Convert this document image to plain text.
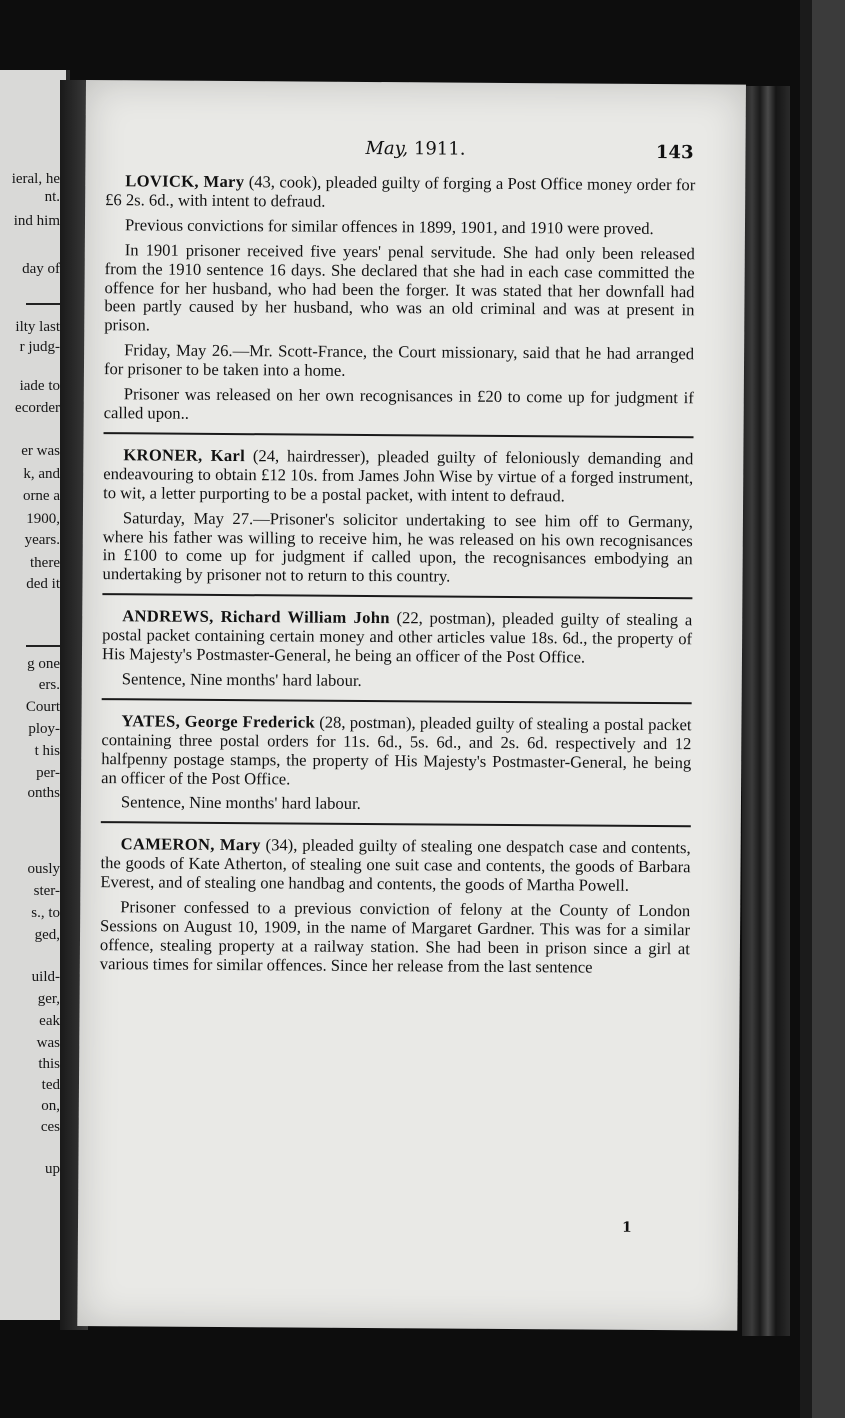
ieral, he
nt.
ind him
day of
ilty last
r judg-
iade to
ecorder
er was
k, and
orne a
1900,
years.
there
ded it
g one
ers.
Court
ploy-
t his
per-
onths
ously
ster-
s., to
ged,
uild-
ger,
eak
was
this
ted
on,
ces
up
May, 1911.	143

LOVICK, Mary (43, cook), pleaded guilty of forging a Post Office money order for £6 2s. 6d., with intent to defraud.

Previous convictions for similar offences in 1899, 1901, and 1910 were proved.

In 1901 prisoner received five years' penal servitude. She had only been released from the 1910 sentence 16 days. She declared that she had in each case committed the offence for her husband, who had been the forger. It was stated that her downfall had been partly caused by her husband, who was an old criminal and was at present in prison.

Friday, May 26.—Mr. Scott-France, the Court missionary, said that he had arranged for prisoner to be taken into a home.

Prisoner was released on her own recognisances in £20 to come up for judgment if called upon..

KRONER, Karl (24, hairdresser), pleaded guilty of feloniously demanding and endeavouring to obtain £12 10s. from James John Wise by virtue of a forged instrument, to wit, a letter purporting to be a postal packet, with intent to defraud.

Saturday, May 27.—Prisoner's solicitor undertaking to see him off to Germany, where his father was willing to receive him, he was released on his own recognisances in £100 to come up for judgment if called upon, the recognisances embodying an undertaking by prisoner not to return to this country.

ANDREWS, Richard William John (22, postman), pleaded guilty of stealing a postal packet containing certain money and other articles value 18s. 6d., the property of His Majesty's Postmaster-General, he being an officer of the Post Office.

Sentence, Nine months' hard labour.

YATES, George Frederick (28, postman), pleaded guilty of stealing a postal packet containing three postal orders for 11s. 6d., 5s. 6d., and 2s. 6d. respectively and 12 halfpenny postage stamps, the property of His Majesty's Postmaster-General, he being an officer of the Post Office.

Sentence, Nine months' hard labour.

CAMERON, Mary (34), pleaded guilty of stealing one despatch case and contents, the goods of Kate Atherton, of stealing one suit case and contents, the goods of Barbara Everest, and of stealing one handbag and contents, the goods of Martha Powell.

Prisoner confessed to a previous conviction of felony at the County of London Sessions on August 10, 1909, in the name of Margaret Gardner. This was for a similar offence, stealing property at a railway station. She had been in prison since a girl at various times for similar offences. Since her release from the last sentence

1
